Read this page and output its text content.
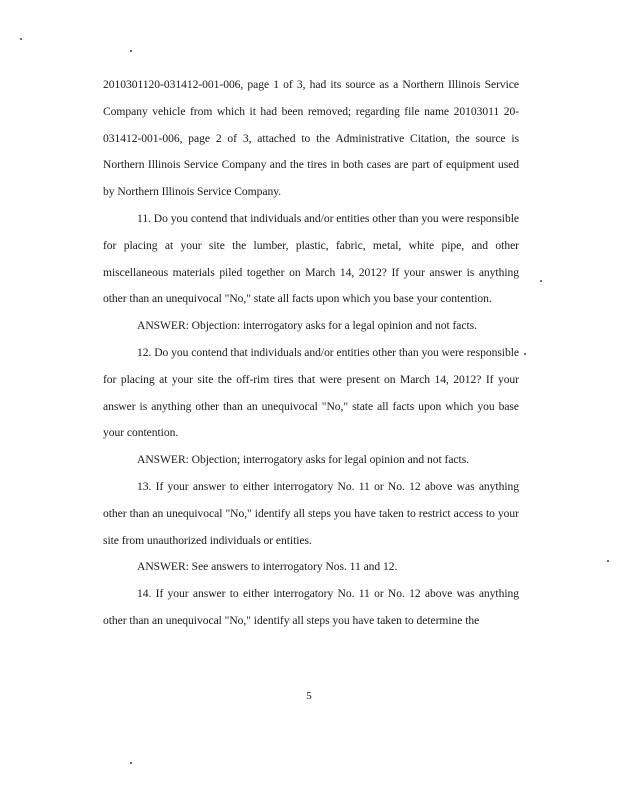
2010301120-031412-001-006, page 1 of 3, had its source as a Northern Illinois Service Company vehicle from which it had been removed; regarding file name 20103011 20-031412-001-006, page 2 of 3, attached to the Administrative Citation, the source is Northern Illinois Service Company and the tires in both cases are part of equipment used by Northern Illinois Service Company.

11. Do you contend that individuals and/or entities other than you were responsible for placing at your site the lumber, plastic, fabric, metal, white pipe, and other miscellaneous materials piled together on March 14, 2012? If your answer is anything other than an unequivocal "No," state all facts upon which you base your contention.

ANSWER: Objection: interrogatory asks for a legal opinion and not facts.

12. Do you contend that individuals and/or entities other than you were responsible for placing at your site the off-rim tires that were present on March 14, 2012? If your answer is anything other than an unequivocal "No," state all facts upon which you base your contention.

ANSWER: Objection; interrogatory asks for legal opinion and not facts.

13. If your answer to either interrogatory No. 11 or No. 12 above was anything other than an unequivocal "No," identify all steps you have taken to restrict access to your site from unauthorized individuals or entities.

ANSWER: See answers to interrogatory Nos. 11 and 12.

14. If your answer to either interrogatory No. 11 or No. 12 above was anything other than an unequivocal "No," identify all steps you have taken to determine the

5
